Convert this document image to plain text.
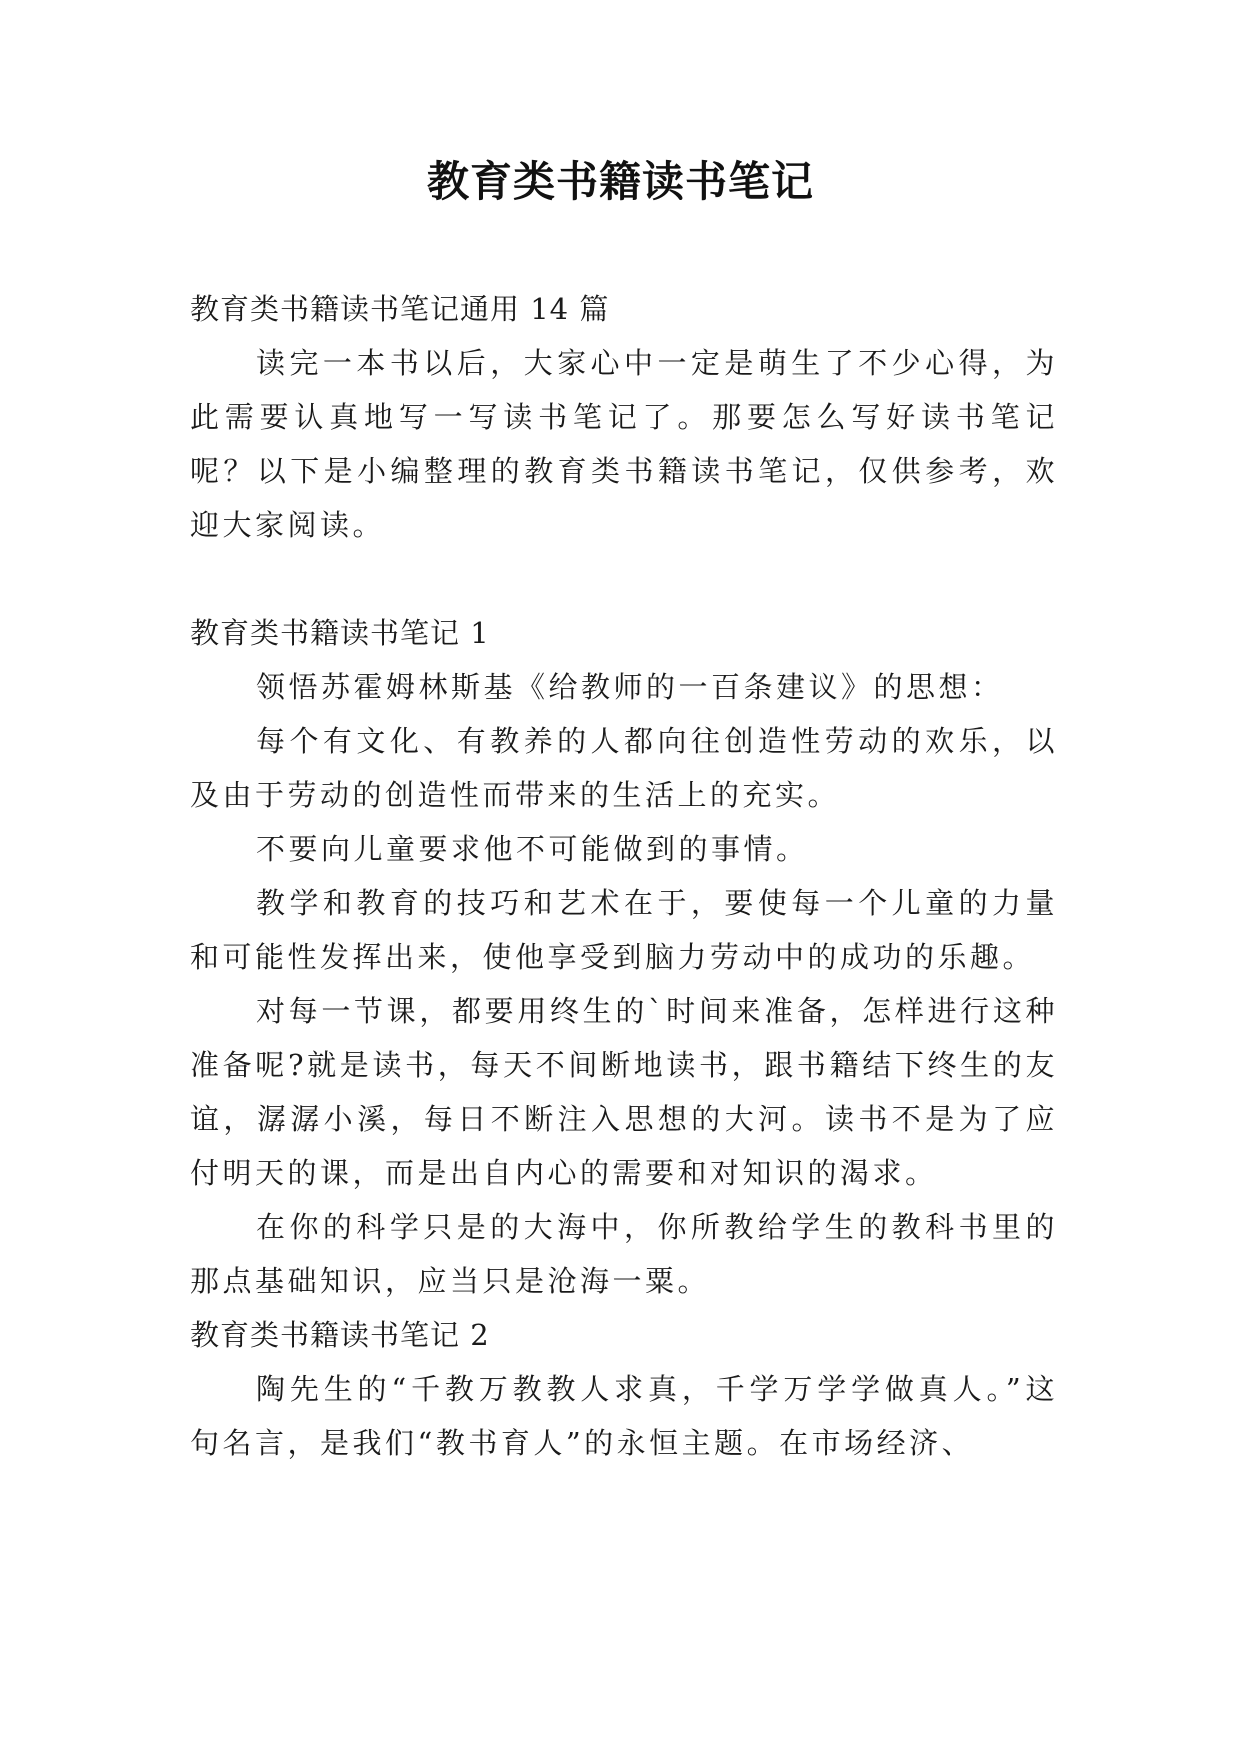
教育类书籍读书笔记

教育类书籍读书笔记通用 14 篇

读完一本书以后，大家心中一定是萌生了不少心得，为此需要认真地写一写读书笔记了。那要怎么写好读书笔记呢？以下是小编整理的教育类书籍读书笔记，仅供参考，欢迎大家阅读。

教育类书籍读书笔记 1

领悟苏霍姆林斯基《给教师的一百条建议》的思想：

每个有文化、有教养的人都向往创造性劳动的欢乐，以及由于劳动的创造性而带来的生活上的充实。

不要向儿童要求他不可能做到的事情。

教学和教育的技巧和艺术在于，要使每一个儿童的力量和可能性发挥出来，使他享受到脑力劳动中的成功的乐趣。

对每一节课，都要用终生的`时间来准备，怎样进行这种准备呢?就是读书，每天不间断地读书，跟书籍结下终生的友谊，潺潺小溪，每日不断注入思想的大河。读书不是为了应付明天的课，而是出自内心的需要和对知识的渴求。

在你的科学只是的大海中，你所教给学生的教科书里的那点基础知识，应当只是沧海一粟。

教育类书籍读书笔记 2

陶先生的“千教万教教人求真，千学万学学做真人。”这句名言，是我们“教书育人”的永恒主题。在市场经济、
